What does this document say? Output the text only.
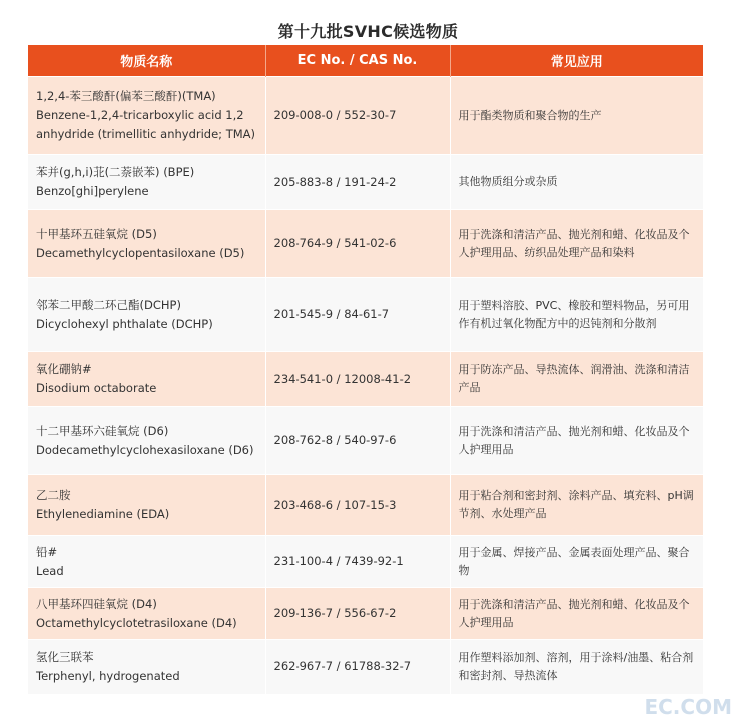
第十九批SVHC候选物质
物质名称	EC No. / CAS No.	常见应用
1,2,4-苯三酸酐(偏苯三酸酐)(TMA)
Benzene-1,2,4-tricarboxylic acid 1,2 anhydride (trimellitic anhydride; TMA)	209-008-0 / 552-30-7	用于酯类物质和聚合物的生产
苯并(g,h,i)苝(二萘嵌苯) (BPE)
Benzo[ghi]perylene	205-883-8 / 191-24-2	其他物质组分或杂质
十甲基环五硅氧烷 (D5)
Decamethylcyclopentasiloxane (D5)	208-764-9 / 541-02-6	用于洗涤和清洁产品、抛光剂和蜡、化妆品及个人护理用品、纺织品处理产品和染料
邻苯二甲酸二环己酯(DCHP)
Dicyclohexyl phthalate (DCHP)	201-545-9 / 84-61-7	用于塑料溶胶、PVC、橡胶和塑料物品，另可用作有机过氧化物配方中的迟钝剂和分散剂
氧化硼钠#
Disodium octaborate	234-541-0 / 12008-41-2	用于防冻产品、导热流体、润滑油、洗涤和清洁产品
十二甲基环六硅氧烷 (D6)
Dodecamethylcyclohexasiloxane (D6)	208-762-8 / 540-97-6	用于洗涤和清洁产品、抛光剂和蜡、化妆品及个人护理用品
乙二胺
Ethylenediamine (EDA)	203-468-6 / 107-15-3	用于粘合剂和密封剂、涂料产品、填充料、pH调节剂、水处理产品
铅#
Lead	231-100-4 / 7439-92-1	用于金属、焊接产品、金属表面处理产品、聚合物
八甲基环四硅氧烷 (D4)
Octamethylcyclotetrasiloxane (D4)	209-136-7 / 556-67-2	用于洗涤和清洁产品、抛光剂和蜡、化妆品及个人护理用品
氢化三联苯
Terphenyl, hydrogenated	262-967-7 / 61788-32-7	用作塑料添加剂、溶剂，用于涂料/油墨、粘合剂和密封剂、导热流体
EC.COM
